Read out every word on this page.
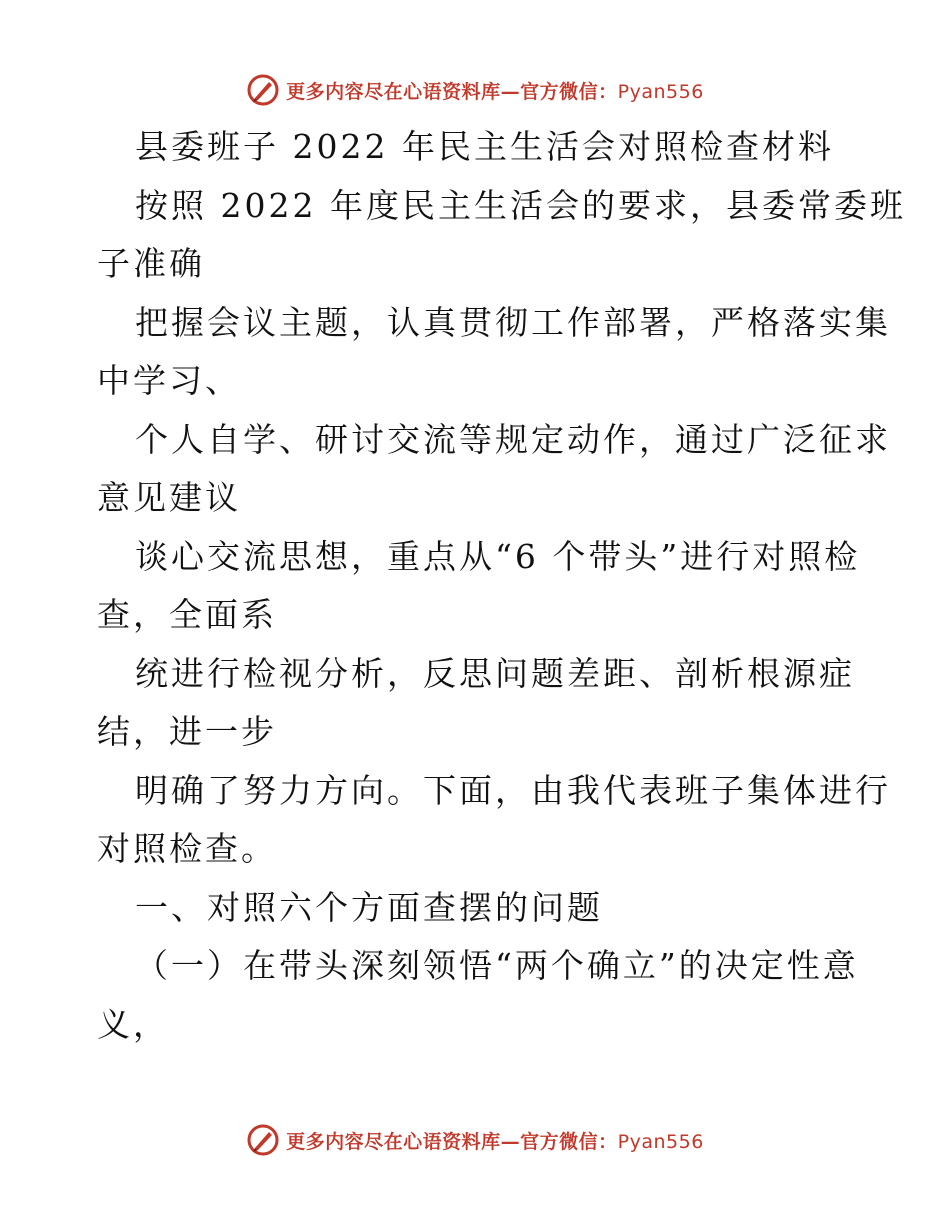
更多内容尽在心语资料库—官方微信：Pyan556
县委班子 2022 年民主生活会对照检查材料
按照 2022 年度民主生活会的要求，县委常委班
子准确
把握会议主题，认真贯彻工作部署，严格落实集
中学习、
个人自学、研讨交流等规定动作，通过广泛征求
意见建议
谈心交流思想，重点从“6 个带头”进行对照检
查，全面系
统进行检视分析，反思问题差距、剖析根源症
结，进一步
明确了努力方向。下面，由我代表班子集体进行
对照检查。
一、对照六个方面查摆的问题
（一）在带头深刻领悟“两个确立”的决定性意
义，
更多内容尽在心语资料库—官方微信：Pyan556
